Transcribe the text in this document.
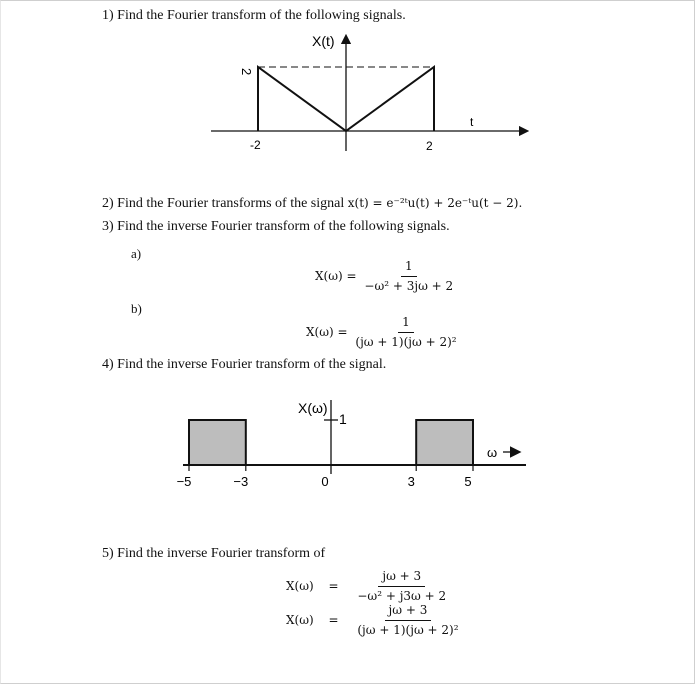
1) Find the Fourier transform of the following signals.
X(t)
t
2
-2	2
2) Find the Fourier transforms of the signal x(t) = e⁻²ᵗu(t) + 2e⁻ᵗu(t − 2).
3) Find the inverse Fourier transform of the following signals.
a)
$X(\omega) = \frac{1}{\text{−ω² + 3jω + 2}}$
b)
$X(\omega) = \frac{1}{\text{(jω + 1)(jω + 2)²}}$
4) Find the inverse Fourier transform of the signal.
−5	−3	0	3	5
X(ω)
1
ω
5) Find the inverse Fourier transform of
$X(\omega) = \frac{j\omega + 3}{\text{−ω² + j3ω + 2}}$
$X(\omega) = \frac{j\omega + 3}{\text{(jω + 1)(jω + 2)²}}$
